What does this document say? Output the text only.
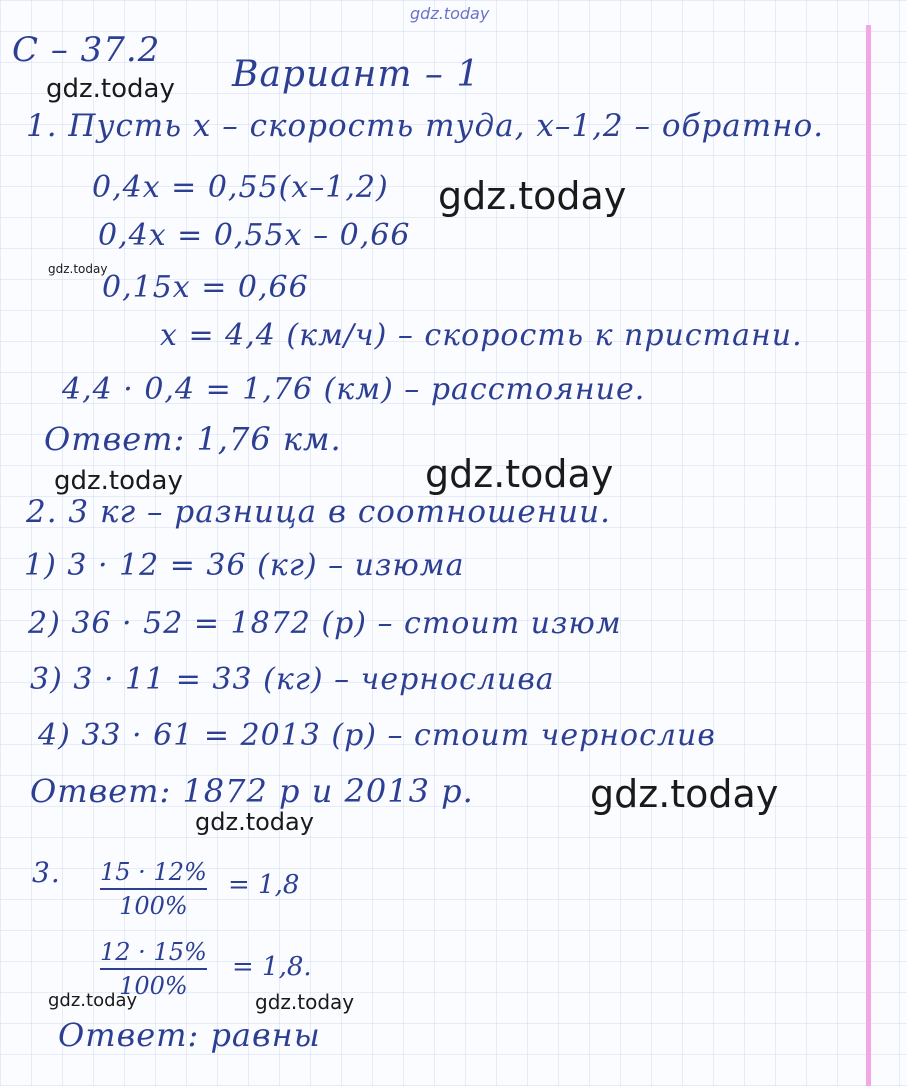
gdz.today
gdz.today
gdz.today
gdz.today
gdz.today	gdz.today
gdz.today
gdz.today
gdz.today	gdz.today
С – 37.2
Вариант – 1
1. Пусть x – скорость туда, x–1,2 – обратно.
0,4x = 0,55(x–1,2)
0,4x = 0,55x – 0,66
0,15x = 0,66
x = 4,4 (км/ч) – скорость к пристани.
4,4 · 0,4 = 1,76 (км) – расстояние.
Ответ: 1,76 км.
2. 3 кг – разница в соотношении.
1) 3 · 12 = 36 (кг) – изюма
2) 36 · 52 = 1872 (р) – стоит изюм
3) 3 · 11 = 33 (кг) – чернослива
4) 33 · 61 = 2013 (р) – стоит чернослив
Ответ: 1872 р и 2013 р.
3. 15 · 12%
100%
= 1,8
12 · 15%
100%
= 1,8.
Ответ: равны
